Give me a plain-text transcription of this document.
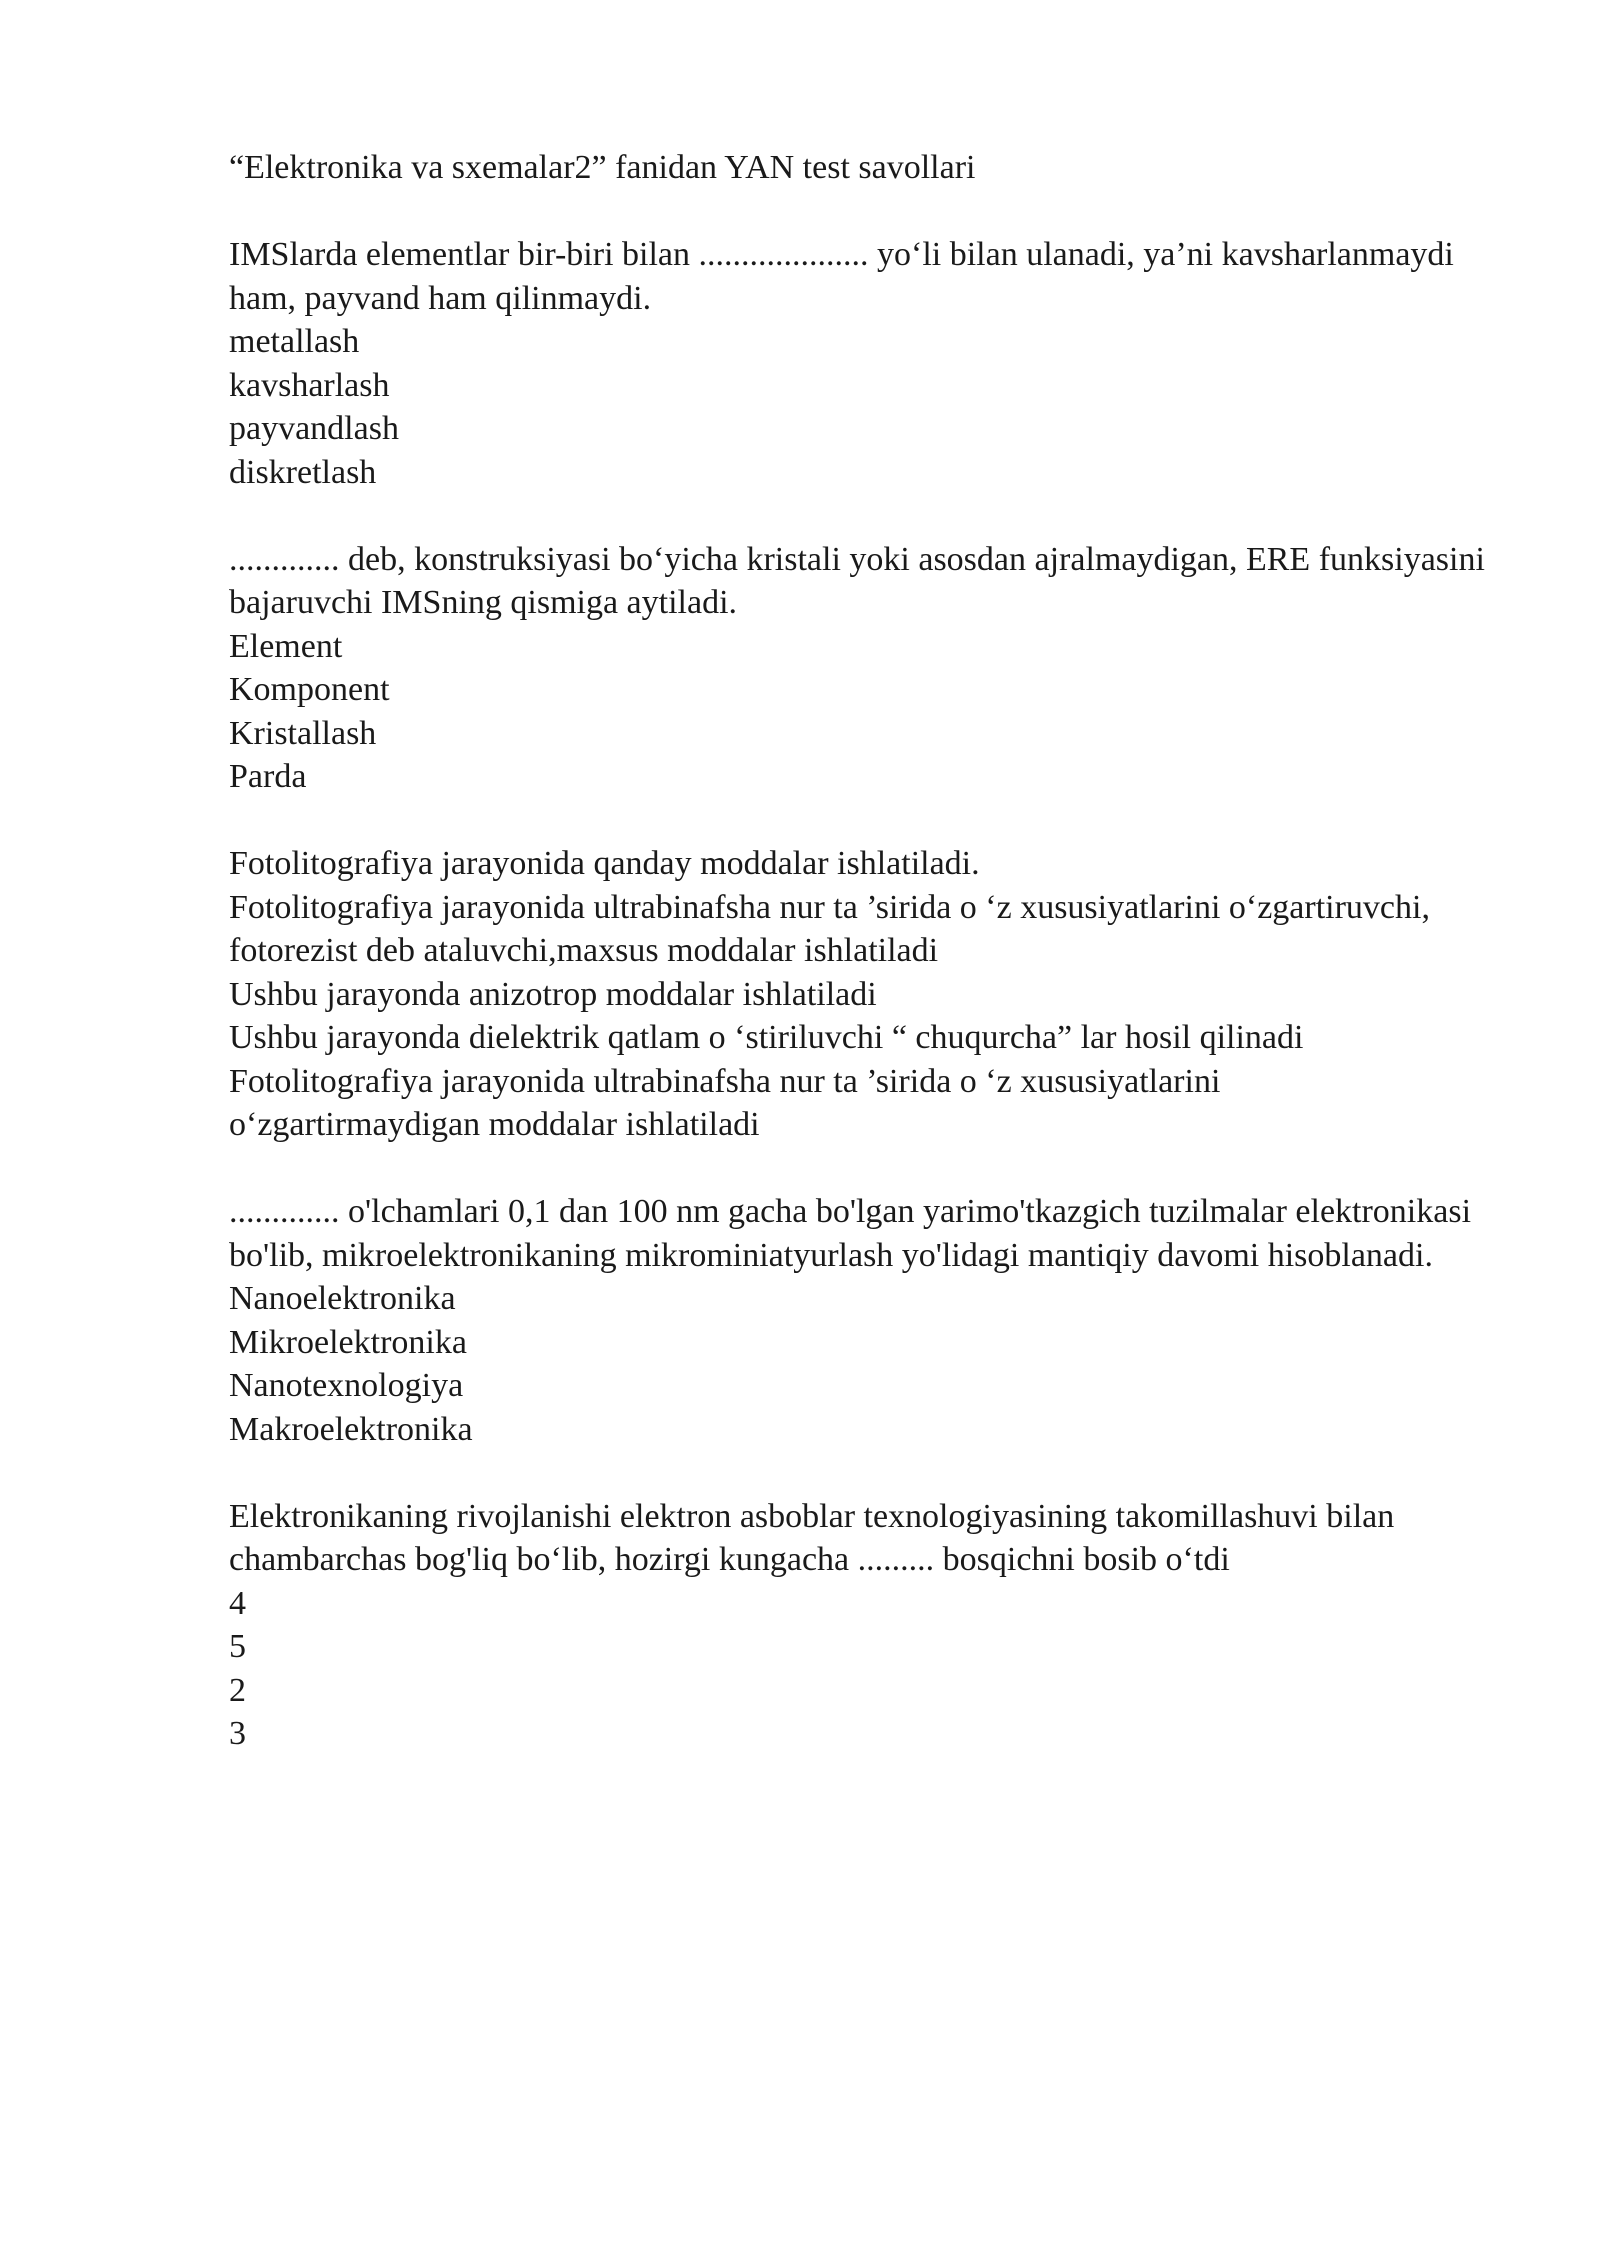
“Elektronika va sxemalar2” fanidan YAN test savollari

IMSlarda elementlar bir-biri bilan .................... yo‘li bilan ulanadi, ya’ni kavsharlanmaydi ham, payvand ham qilinmaydi.

metallash
kavsharlash
payvandlash
diskretlash

............. deb, konstruksiyasi bo‘yicha kristali yoki asosdan ajralmaydigan, ERE funksiyasini bajaruvchi IMSning qismiga aytiladi.

Element
Komponent
Kristallash
Parda

Fotolitografiya jarayonida qanday moddalar ishlatiladi.

Fotolitografiya jarayonida ultrabinafsha nur ta ’sirida o ‘z xususiyatlarini o‘zgartiruvchi, fotorezist deb ataluvchi,maxsus moddalar ishlatiladi
Ushbu jarayonda anizotrop moddalar ishlatiladi
Ushbu jarayonda dielektrik qatlam o ‘stiriluvchi “ chuqurcha” lar hosil qilinadi
Fotolitografiya jarayonida ultrabinafsha nur ta ’sirida o ‘z xususiyatlarini o‘zgartirmaydigan moddalar ishlatiladi

............. o'lchamlari 0,1 dan 100 nm gacha bo'lgan yarimo'tkazgich tuzilmalar elektronikasi bo'lib, mikroelektronikaning mikrominiatyurlash yo'lidagi mantiqiy davomi hisoblanadi.

Nanoelektronika
Mikroelektronika
Nanotexnologiya
Makroelektronika

Elektronikaning rivojlanishi elektron asboblar texnologiyasining takomillashuvi bilan chambarchas bog'liq bo‘lib, hozirgi kungacha ......... bosqichni bosib o‘tdi

4
5
2
3
